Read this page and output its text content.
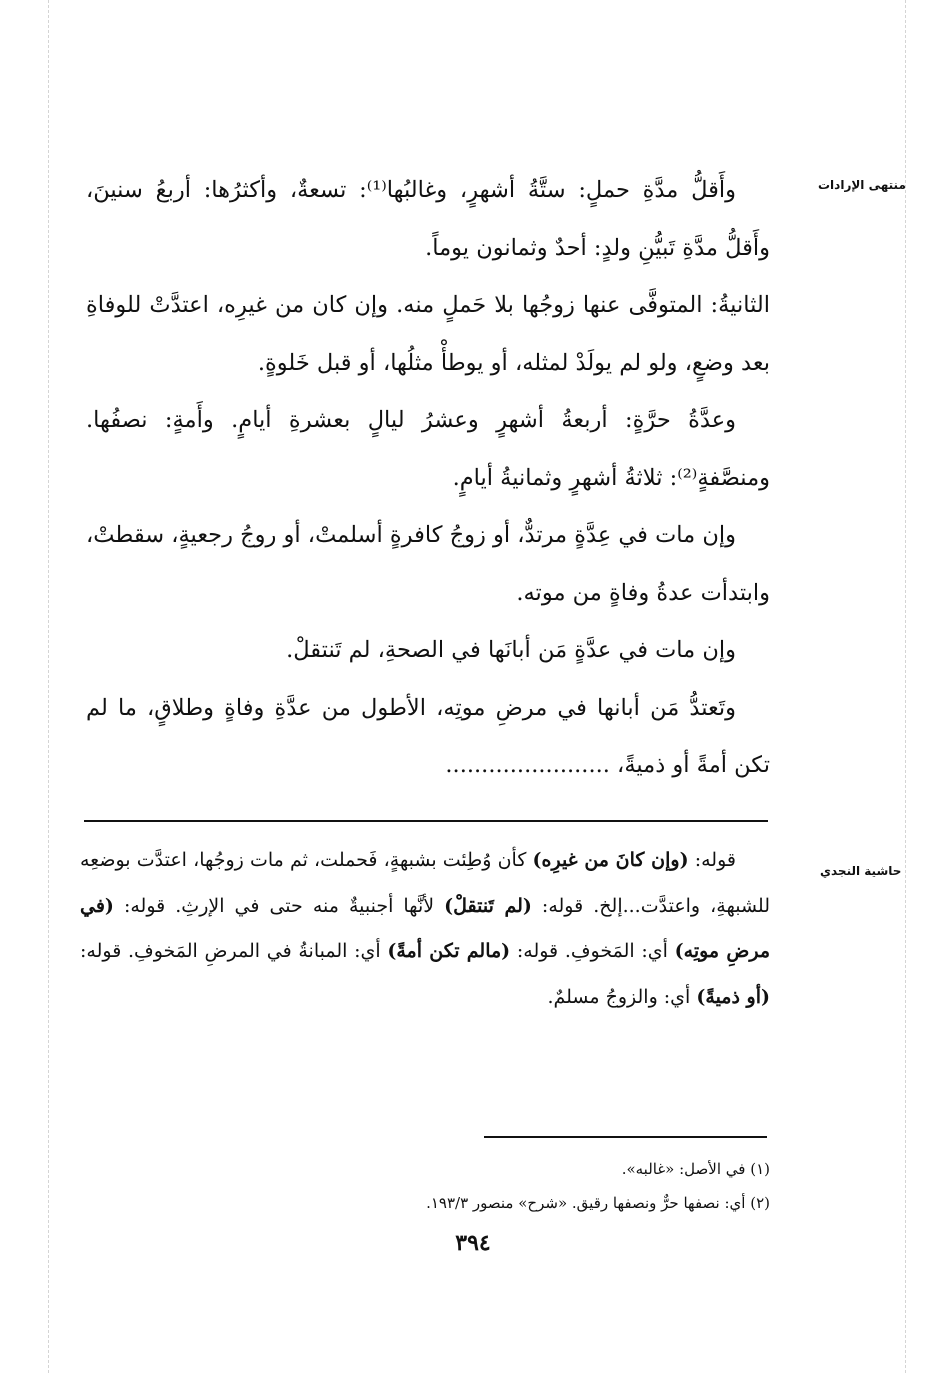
منتهى الإرادات
حاشية النجدي

وأَقلُّ مدَّةِ حملٍ: ستَّةُ أشهرٍ، وغالبُها⁽¹⁾: تسعةٌ، وأكثرُها: أربعُ سنينَ، وأَقلُّ مدَّةِ تَبيُّنِ ولدٍ: أحدٌ وثمانون يوماً.

الثانيةُ: المتوفَّى عنها زوجُها بلا حَملٍ منه. وإن كان من غيرِه، اعتدَّتْ للوفاةِ بعد وضعٍ، ولو لم يولَدْ لمثله، أو يوطأْ مثلُها، أو قبل خَلوةٍ.

وعدَّةُ حرَّةٍ: أربعةُ أشهرٍ وعشرُ ليالٍ بعشرةِ أيامٍ. وأَمةٍ: نصفُها. ومنصَّفةٍ⁽²⁾: ثلاثةُ أشهرٍ وثمانيةُ أيامٍ.

وإن مات في عِدَّةٍ مرتدٌّ، أو زوجُ كافرةٍ أسلمتْ، أو روجُ رجعيةٍ، سقطتْ، وابتدأت عدةُ وفاةٍ من موته.

وإن مات في عدَّةٍ مَن أبانَها في الصحةِ، لم تَنتقلْ.

وتَعتدُّ مَن أبانها في مرضِ موتِه، الأطول من عدَّةِ وفاةٍ وطلاقٍ، ما لم تكن أمةً أو ذميةً، .......................

قوله: (وإن كانَ من غيرِه) كأن وُطِئت بشبهةٍ، فَحملت، ثم مات زوجُها، اعتدَّت بوضعِه للشبهةِ، واعتدَّت...إلخ. قوله: (لم تَنتقلْ) لأنَّها أجنبيةٌ منه حتى في الإرثِ. قوله: (في مرضِ موتِه) أي: المَخوفِ. قوله: (مالم تكن أمةً) أي: المبانةُ في المرضِ المَخوفِ. قوله: (أو ذميةً) أي: والزوجُ مسلمٌ.

(١) في الأصل: «غالبه».
(٢) أي: نصفها حرٌّ ونصفها رقيق. «شرح» منصور ١٩٣/٣.
٣٩٤
